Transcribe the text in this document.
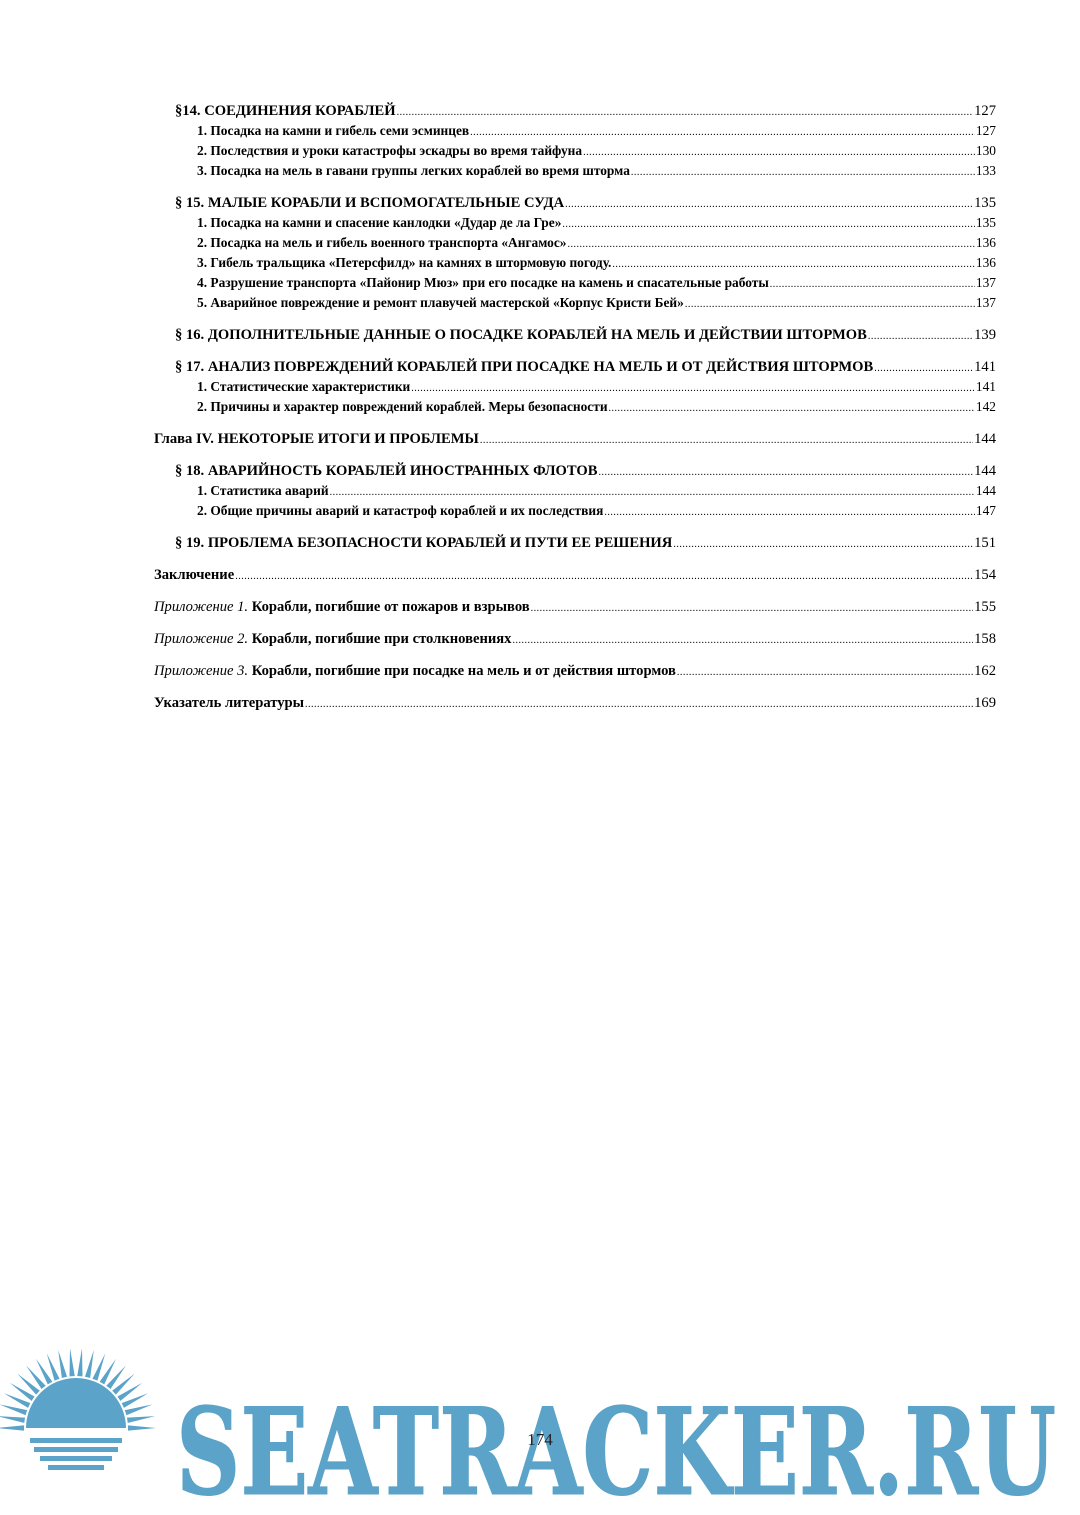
§14. СОЕДИНЕНИЯ КОРАБЛЕЙ .....	127
1. Посадка на камни и гибель семи эсминцев .....	127
2. Последствия и уроки катастрофы эскадры во время тайфуна .....	130
3. Посадка на мель в гавани группы легких кораблей во время шторма .....	133
§ 15. МАЛЫЕ КОРАБЛИ И ВСПОМОГАТЕЛЬНЫЕ СУДА .....	135
1. Посадка на камни и спасение канлодки «Дудар де ла Гре» .....	135
2. Посадка на мель и гибель военного транспорта «Ангамос» .....	136
3. Гибель тральщика «Петерсфилд» на камнях в штормовую погоду. .....	136
4. Разрушение транспорта «Пайонир Мюз» при его посадке на камень и спасательные работы .....	137
5. Аварийное повреждение и ремонт плавучей мастерской «Корпус Кристи Бей» .....	137
§ 16. ДОПОЛНИТЕЛЬНЫЕ ДАННЫЕ О ПОСАДКЕ КОРАБЛЕЙ НА МЕЛЬ И ДЕЙСТВИИ ШТОРМОВ .....	139
§ 17. АНАЛИЗ ПОВРЕЖДЕНИЙ КОРАБЛЕЙ ПРИ ПОСАДКЕ НА МЕЛЬ И ОТ ДЕЙСТВИЯ ШТОРМОВ .....	141
1. Статистические характеристики .....	141
2. Причины и характер повреждений кораблей. Меры безопасности .....	142
Глава IV. НЕКОТОРЫЕ ИТОГИ И ПРОБЛЕМЫ .....	144
§ 18. АВАРИЙНОСТЬ КОРАБЛЕЙ ИНОСТРАННЫХ ФЛОТОВ .....	144
1. Статистика аварий .....	144
2. Общие причины аварий и катастроф кораблей и их последствия .....	147
§ 19. ПРОБЛЕМА БЕЗОПАСНОСТИ КОРАБЛЕЙ И ПУТИ ЕЕ РЕШЕНИЯ .....	151
Заключение .....	154
Приложение 1. Корабли, погибшие от пожаров и взрывов .....	155
Приложение 2. Корабли, погибшие при столкновениях .....	158
Приложение 3. Корабли, погибшие при посадке на мель и от действия штормов .....	162
Указатель литературы .....	169
SEATRACKER.RU
174
